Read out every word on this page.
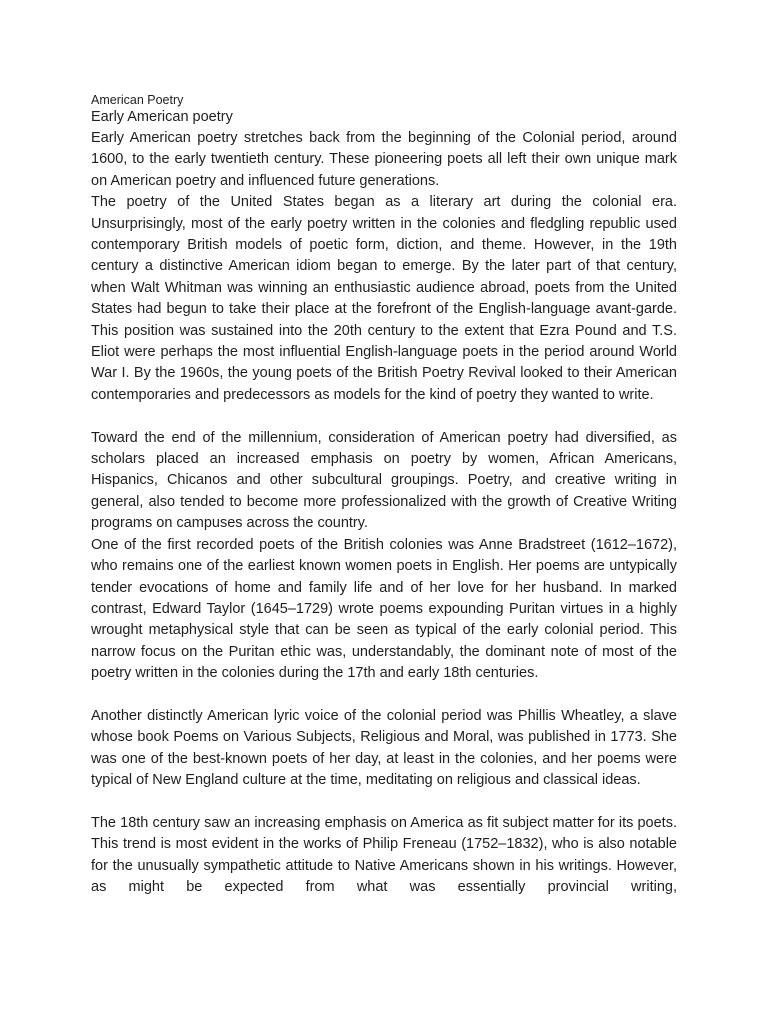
American Poetry

Early American poetry

Early American poetry stretches back from the beginning of the Colonial period, around 1600, to the early twentieth century. These pioneering poets all left their own unique mark on American poetry and influenced future generations.

The poetry of the United States began as a literary art during the colonial era. Unsurprisingly, most of the early poetry written in the colonies and fledgling republic used contemporary British models of poetic form, diction, and theme. However, in the 19th century a distinctive American idiom began to emerge. By the later part of that century, when Walt Whitman was winning an enthusiastic audience abroad, poets from the United States had begun to take their place at the forefront of the English-language avant-garde. This position was sustained into the 20th century to the extent that Ezra Pound and T.S. Eliot were perhaps the most influential English-language poets in the period around World War I. By the 1960s, the young poets of the British Poetry Revival looked to their American contemporaries and predecessors as models for the kind of poetry they wanted to write.

Toward the end of the millennium, consideration of American poetry had diversified, as scholars placed an increased emphasis on poetry by women, African Americans, Hispanics, Chicanos and other subcultural groupings. Poetry, and creative writing in general, also tended to become more professionalized with the growth of Creative Writing programs on campuses across the country.

One of the first recorded poets of the British colonies was Anne Bradstreet (1612–1672), who remains one of the earliest known women poets in English. Her poems are untypically tender evocations of home and family life and of her love for her husband. In marked contrast, Edward Taylor (1645–1729) wrote poems expounding Puritan virtues in a highly wrought metaphysical style that can be seen as typical of the early colonial period. This narrow focus on the Puritan ethic was, understandably, the dominant note of most of the poetry written in the colonies during the 17th and early 18th centuries.

Another distinctly American lyric voice of the colonial period was Phillis Wheatley, a slave whose book Poems on Various Subjects, Religious and Moral, was published in 1773. She was one of the best-known poets of her day, at least in the colonies, and her poems were typical of New England culture at the time, meditating on religious and classical ideas.

The 18th century saw an increasing emphasis on America as fit subject matter for its poets. This trend is most evident in the works of Philip Freneau (1752–1832), who is also notable for the unusually sympathetic attitude to Native Americans shown in his writings. However, as might be expected from what was essentially provincial writing,
